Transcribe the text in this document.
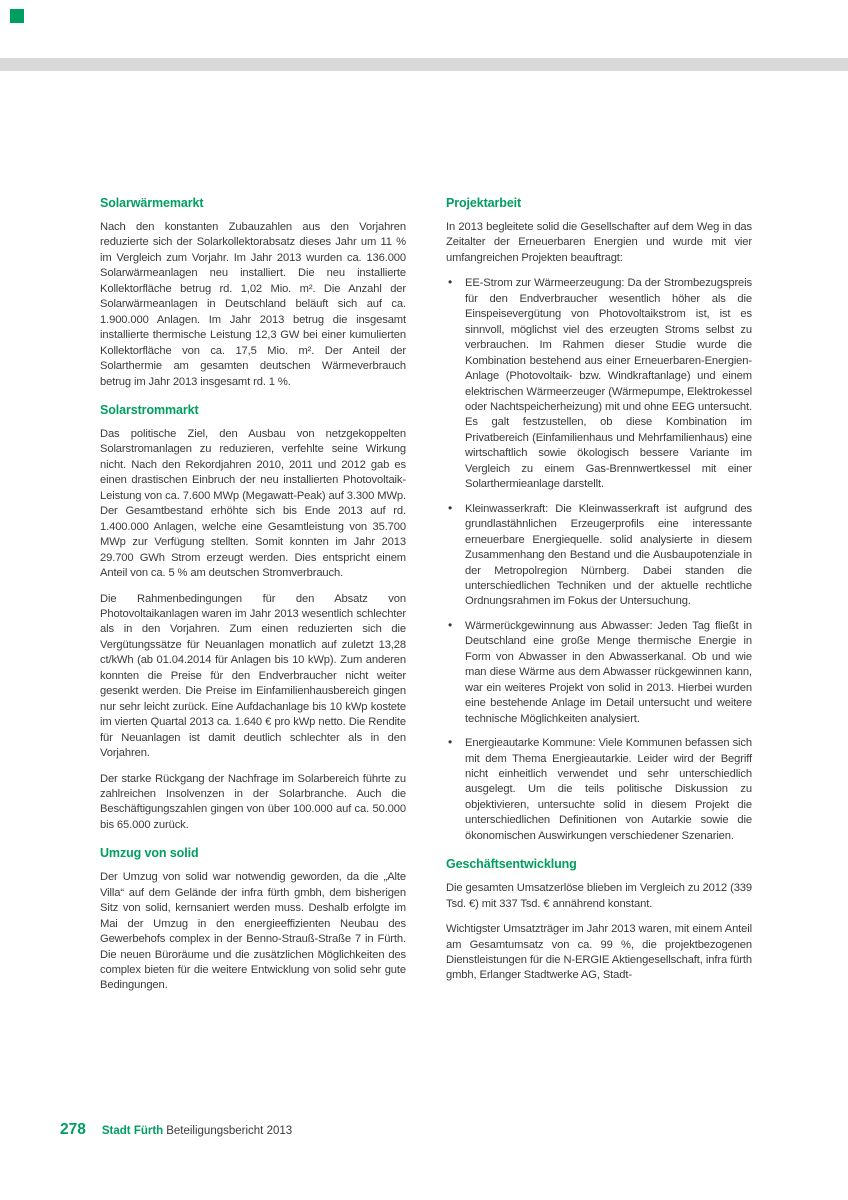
Solarwärmemarkt

Nach den konstanten Zubauzahlen aus den Vorjahren reduzierte sich der Solarkollektorabsatz dieses Jahr um 11 % im Vergleich zum Vorjahr. Im Jahr 2013 wurden ca. 136.000 Solarwärmeanlagen neu installiert. Die neu installierte Kollektorfläche betrug rd. 1,02 Mio. m². Die Anzahl der Solarwärmeanlagen in Deutschland beläuft sich auf ca. 1.900.000 Anlagen. Im Jahr 2013 betrug die insgesamt installierte thermische Leistung 12,3 GW bei einer kumulierten Kollektorfläche von ca. 17,5 Mio. m². Der Anteil der Solarthermie am gesamten deutschen Wärmeverbrauch betrug im Jahr 2013 insgesamt rd. 1 %.

Solarstrommarkt

Das politische Ziel, den Ausbau von netzgekoppelten Solarstromanlagen zu reduzieren, verfehlte seine Wirkung nicht. Nach den Rekordjahren 2010, 2011 und 2012 gab es einen drastischen Einbruch der neu installierten Photovoltaik-Leistung von ca. 7.600 MWp (Megawatt-Peak) auf 3.300 MWp. Der Gesamtbestand erhöhte sich bis Ende 2013 auf rd. 1.400.000 Anlagen, welche eine Gesamtleistung von 35.700 MWp zur Verfügung stellten. Somit konnten im Jahr 2013 29.700 GWh Strom erzeugt werden. Dies entspricht einem Anteil von ca. 5 % am deutschen Stromverbrauch.

Die Rahmenbedingungen für den Absatz von Photovoltaikanlagen waren im Jahr 2013 wesentlich schlechter als in den Vorjahren. Zum einen reduzierten sich die Vergütungssätze für Neuanlagen monatlich auf zuletzt 13,28 ct/kWh (ab 01.04.2014 für Anlagen bis 10 kWp). Zum anderen konnten die Preise für den Endverbraucher nicht weiter gesenkt werden. Die Preise im Einfamilienhausbereich gingen nur sehr leicht zurück. Eine Aufdachanlage bis 10 kWp kostete im vierten Quartal 2013 ca. 1.640 € pro kWp netto. Die Rendite für Neuanlagen ist damit deutlich schlechter als in den Vorjahren.

Der starke Rückgang der Nachfrage im Solarbereich führte zu zahlreichen Insolvenzen in der Solarbranche. Auch die Beschäftigungszahlen gingen von über 100.000 auf ca. 50.000 bis 65.000 zurück.

Umzug von solid

Der Umzug von solid war notwendig geworden, da die „Alte Villa“ auf dem Gelände der infra fürth gmbh, dem bisherigen Sitz von solid, kernsaniert werden muss. Deshalb erfolgte im Mai der Umzug in den energieeffizienten Neubau des Gewerbehofs complex in der Benno-Strauß-Straße 7 in Fürth. Die neuen Büroräume und die zusätzlichen Möglichkeiten des complex bieten für die weitere Entwicklung von solid sehr gute Bedingungen.

Projektarbeit

In 2013 begleitete solid die Gesellschafter auf dem Weg in das Zeitalter der Erneuerbaren Energien und wurde mit vier umfangreichen Projekten beauftragt:

• EE-Strom zur Wärmeerzeugung: Da der Strombezugspreis für den Endverbraucher wesentlich höher als die Einspeisevergütung von Photovoltaikstrom ist, ist es sinnvoll, möglichst viel des erzeugten Stroms selbst zu verbrauchen. Im Rahmen dieser Studie wurde die Kombination bestehend aus einer Erneuerbaren-Energien-Anlage (Photovoltaik- bzw. Windkraftanlage) und einem elektrischen Wärmeerzeuger (Wärmepumpe, Elektrokessel oder Nachtspeicherheizung) mit und ohne EEG untersucht. Es galt festzustellen, ob diese Kombination im Privatbereich (Einfamilienhaus und Mehrfamilienhaus) eine wirtschaftlich sowie ökologisch bessere Variante im Vergleich zu einem Gas-Brennwertkessel mit einer Solarthermieanlage darstellt.
• Kleinwasserkraft: Die Kleinwasserkraft ist aufgrund des grundlastähnlichen Erzeugerprofils eine interessante erneuerbare Energiequelle. solid analysierte in diesem Zusammenhang den Bestand und die Ausbaupotenziale in der Metropolregion Nürnberg. Dabei standen die unterschiedlichen Techniken und der aktuelle rechtliche Ordnungsrahmen im Fokus der Untersuchung.
• Wärmerückgewinnung aus Abwasser: Jeden Tag fließt in Deutschland eine große Menge thermische Energie in Form von Abwasser in den Abwasserkanal. Ob und wie man diese Wärme aus dem Abwasser rückgewinnen kann, war ein weiteres Projekt von solid in 2013. Hierbei wurden eine bestehende Anlage im Detail untersucht und weitere technische Möglichkeiten analysiert.
• Energieautarke Kommune: Viele Kommunen befassen sich mit dem Thema Energieautarkie. Leider wird der Begriff nicht einheitlich verwendet und sehr unterschiedlich ausgelegt. Um die teils politische Diskussion zu objektivieren, untersuchte solid in diesem Projekt die unterschiedlichen Definitionen von Autarkie sowie die ökonomischen Auswirkungen verschiedener Szenarien.
Geschäftsentwicklung

Die gesamten Umsatzerlöse blieben im Vergleich zu 2012 (339 Tsd. €) mit 337 Tsd. € annährend konstant.

Wichtigster Umsatzträger im Jahr 2013 waren, mit einem Anteil am Gesamtumsatz von ca. 99 %, die projektbezogenen Dienstleistungen für die N-ERGIE Aktiengesellschaft, infra fürth gmbh, Erlanger Stadtwerke AG, Stadt-

278 Stadt Fürth Beteiligungsbericht 2013
